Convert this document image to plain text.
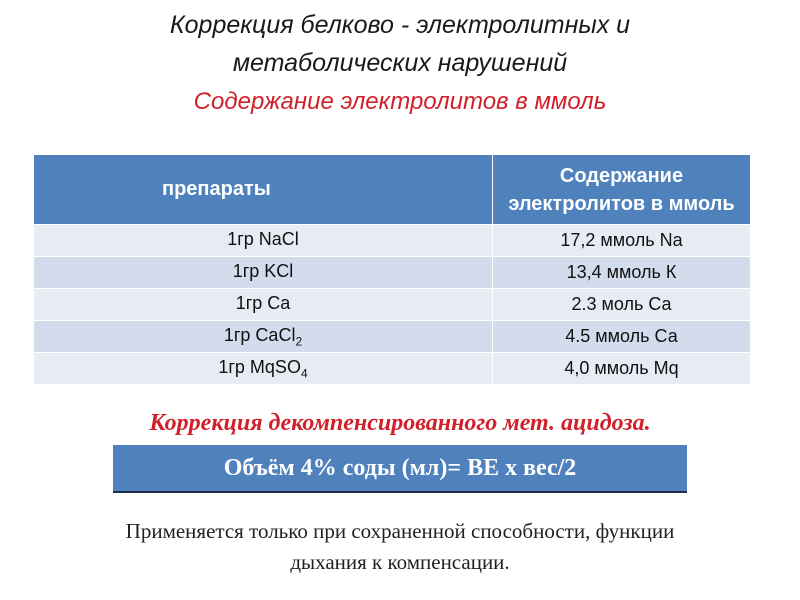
Коррекция белково - электролитных и
метаболических нарушений
Содержание электролитов в ммоль
препараты	Содержание
электролитов в ммоль

1гр NaCl	17,2 ммоль Na
1гр KCl	13,4 ммоль К
1гр Ca	2.3 моль Са
1гр CaCl$_2$	4.5 ммоль Са
1гр MqSO$_4$	4,0 ммоль Mq
Коррекция декомпенсированного мет. ацидоза.
Объём 4% соды (мл)= ВЕ х вес/2
Применяется только при сохраненной способности, функции
дыхания к компенсации.
